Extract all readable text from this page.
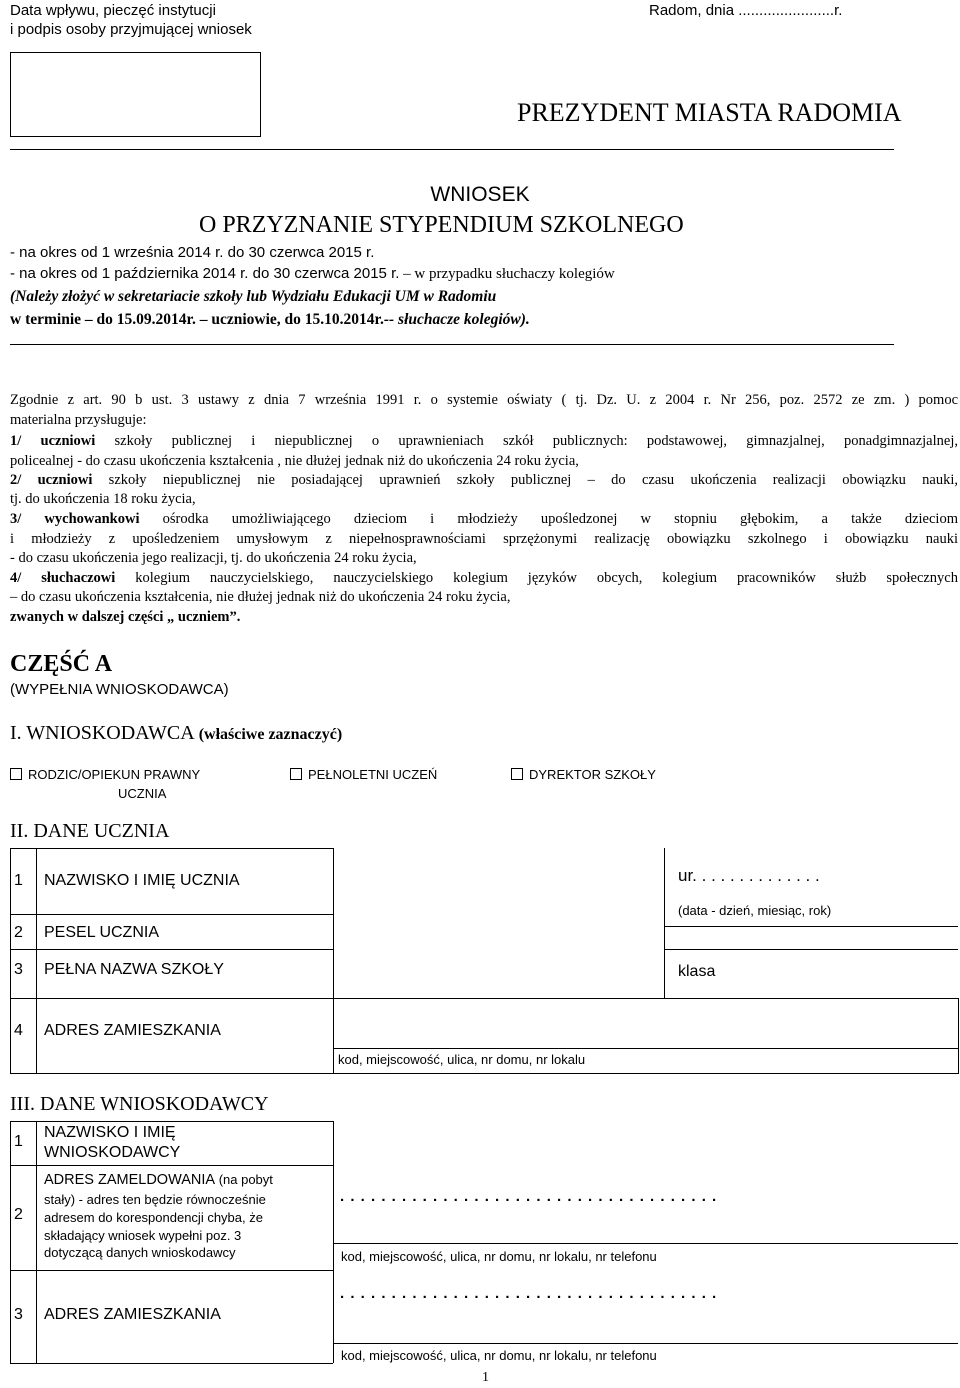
Data wpływu, pieczęć instytucji
i podpis osoby przyjmującej wniosek
Radom, dnia .......................r.
PREZYDENT MIASTA RADOMIA
WNIOSEK
O PRZYZNANIE STYPENDIUM SZKOLNEGO
- na okres od 1 września 2014 r. do 30 czerwca 2015 r.
- na okres od 1 października 2014 r. do 30 czerwca 2015 r. – w przypadku słuchaczy kolegiów
(Należy złożyć w sekretariacie szkoły lub Wydziału Edukacji UM w Radomiu
w terminie – do 15.09.2014r. – uczniowie, do 15.10.2014r.-- słuchacze kolegiów).
Zgodnie z art. 90 b ust. 3 ustawy z dnia 7 września 1991 r. o systemie oświaty ( tj. Dz. U. z 2004 r. Nr 256, poz. 2572 ze zm. ) pomoc
materialna przysługuje:
1/ uczniowi szkoły publicznej i niepublicznej o uprawnieniach szkół publicznych: podstawowej, gimnazjalnej, ponadgimnazjalnej,
policealnej - do czasu ukończenia kształcenia , nie dłużej jednak niż do ukończenia 24 roku życia,
2/ uczniowi szkoły niepublicznej nie posiadającej uprawnień szkoły publicznej – do czasu ukończenia realizacji obowiązku nauki,
tj. do ukończenia 18 roku życia,
3/ wychowankowi ośrodka umożliwiającego dzieciom i młodzieży upośledzonej w stopniu głębokim, a także dzieciom
i młodzieży z upośledzeniem umysłowym z niepełnosprawnościami sprzężonymi realizację obowiązku szkolnego i obowiązku nauki
- do czasu ukończenia jego realizacji, tj. do ukończenia 24 roku życia,
4/ słuchaczowi kolegium nauczycielskiego, nauczycielskiego kolegium języków obcych, kolegium pracowników służb społecznych
– do czasu ukończenia kształcenia, nie dłużej jednak niż do ukończenia 24 roku życia,
zwanych w dalszej części „ uczniem”.
CZĘŚĆ A
(WYPEŁNIA WNIOSKODAWCA)
I. WNIOSKODAWCA (właściwe zaznaczyć)
RODZIC/OPIEKUN PRAWNY
UCZNIA
PEŁNOLETNI UCZEŃ	DYREKTOR SZKOŁY
II. DANE UCZNIA
1 NAZWISKO I IMIĘ UCZNIA
2 PESEL UCZNIA
3 PEŁNA NAZWA SZKOŁY
4 ADRES ZAMIESZKANIA
ur. . . . . . . . . . . . . .
(data - dzień, miesiąc, rok)
klasa
kod, miejscowość, ulica, nr domu, nr lokalu
III. DANE WNIOSKODAWCY
1
NAZWISKO I IMIĘ
WNIOSKODAWCY
2
ADRES ZAMELDOWANIA (na pobyt
stały) - adres ten będzie równocześnie
adresem do korespondencji chyba, że
składający wniosek wypełni poz. 3
dotyczącą danych wnioskodawcy
. . . . . . . . . . . . . . . . . . . . . . . . . . . . . . . . . . . . .
kod, miejscowość, ulica, nr domu, nr lokalu, nr telefonu
3 ADRES ZAMIESZKANIA
. . . . . . . . . . . . . . . . . . . . . . . . . . . . . . . . . . . . .
kod, miejscowość, ulica, nr domu, nr lokalu, nr telefonu
1
